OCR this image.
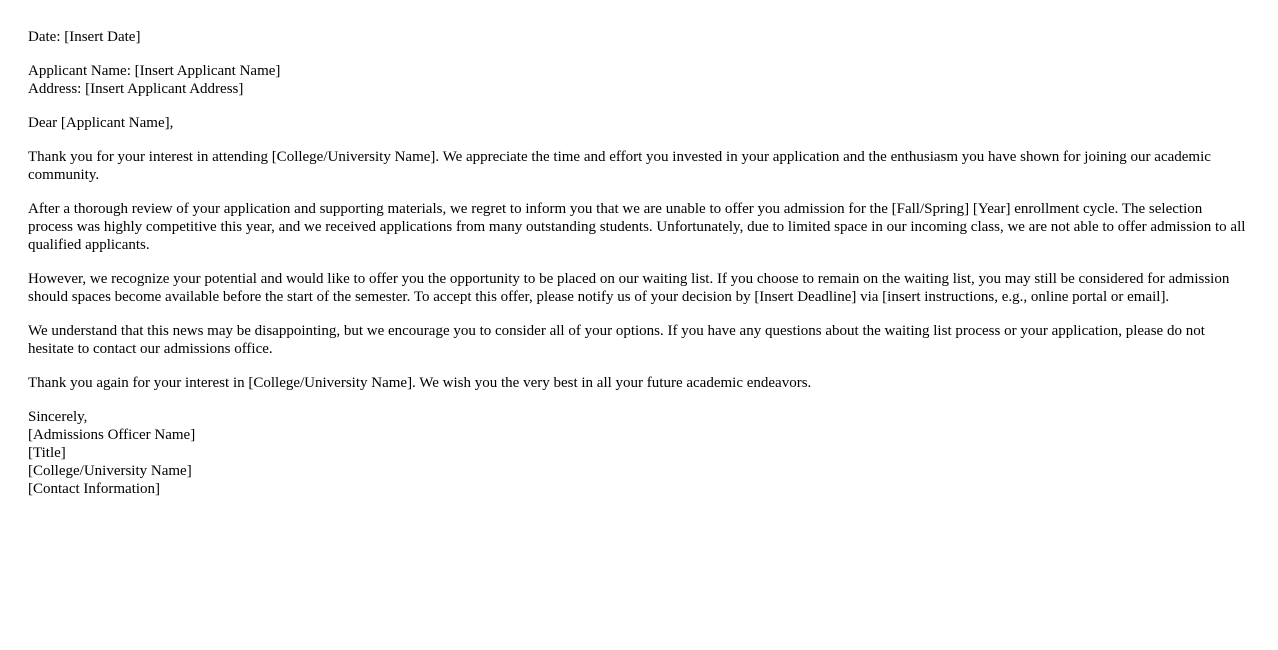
Date: [Insert Date]

Applicant Name: [Insert Applicant Name]
Address: [Insert Applicant Address]

Dear [Applicant Name],

Thank you for your interest in attending [College/University Name]. We appreciate the time and effort you invested in your application and the enthusiasm you have shown for joining our academic community.

After a thorough review of your application and supporting materials, we regret to inform you that we are unable to offer you admission for the [Fall/Spring] [Year] enrollment cycle. The selection process was highly competitive this year, and we received applications from many outstanding students. Unfortunately, due to limited space in our incoming class, we are not able to offer admission to all qualified applicants.

However, we recognize your potential and would like to offer you the opportunity to be placed on our waiting list. If you choose to remain on the waiting list, you may still be considered for admission should spaces become available before the start of the semester. To accept this offer, please notify us of your decision by [Insert Deadline] via [insert instructions, e.g., online portal or email].

We understand that this news may be disappointing, but we encourage you to consider all of your options. If you have any questions about the waiting list process or your application, please do not hesitate to contact our admissions office.

Thank you again for your interest in [College/University Name]. We wish you the very best in all your future academic endeavors.

Sincerely,
[Admissions Officer Name]
[Title]
[College/University Name]
[Contact Information]
